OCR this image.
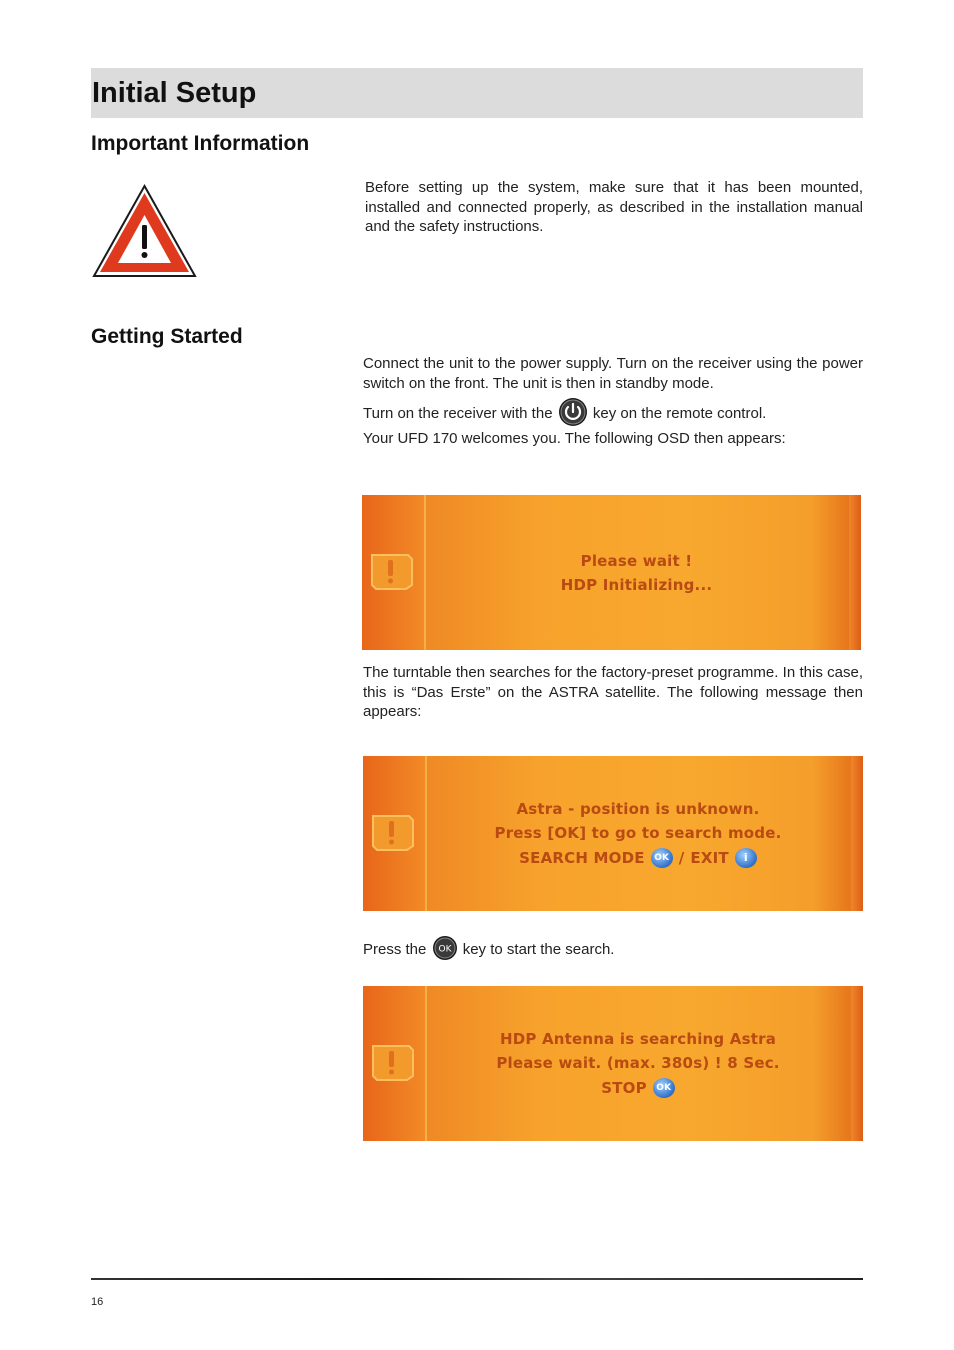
Initial Setup
Important Information

Before setting up the system, make sure that it has been mounted, installed and connected properly, as described in the installation manual and the safety instructions.

Getting Started

Connect the unit to the power supply. Turn on the receiver using the power switch on the front. The unit is then in standby mode.

Turn on the receiver with the	key on the remote control.
Your UFD 170 welcomes you. The following OSD then appears:

Please wait !
HDP Initializing...

The turntable then searches for the factory-preset programme. In this case, this is “Das Erste” on the ASTRA satellite. The following message then appears:

Astra - position is unknown.
Press [OK] to go to search mode.
SEARCH MODE	OK / EXIT	i

Press the OK key to start the search.

HDP Antenna is searching Astra
Please wait. (max. 380s) ! 8 Sec.
STOP	OK
16
